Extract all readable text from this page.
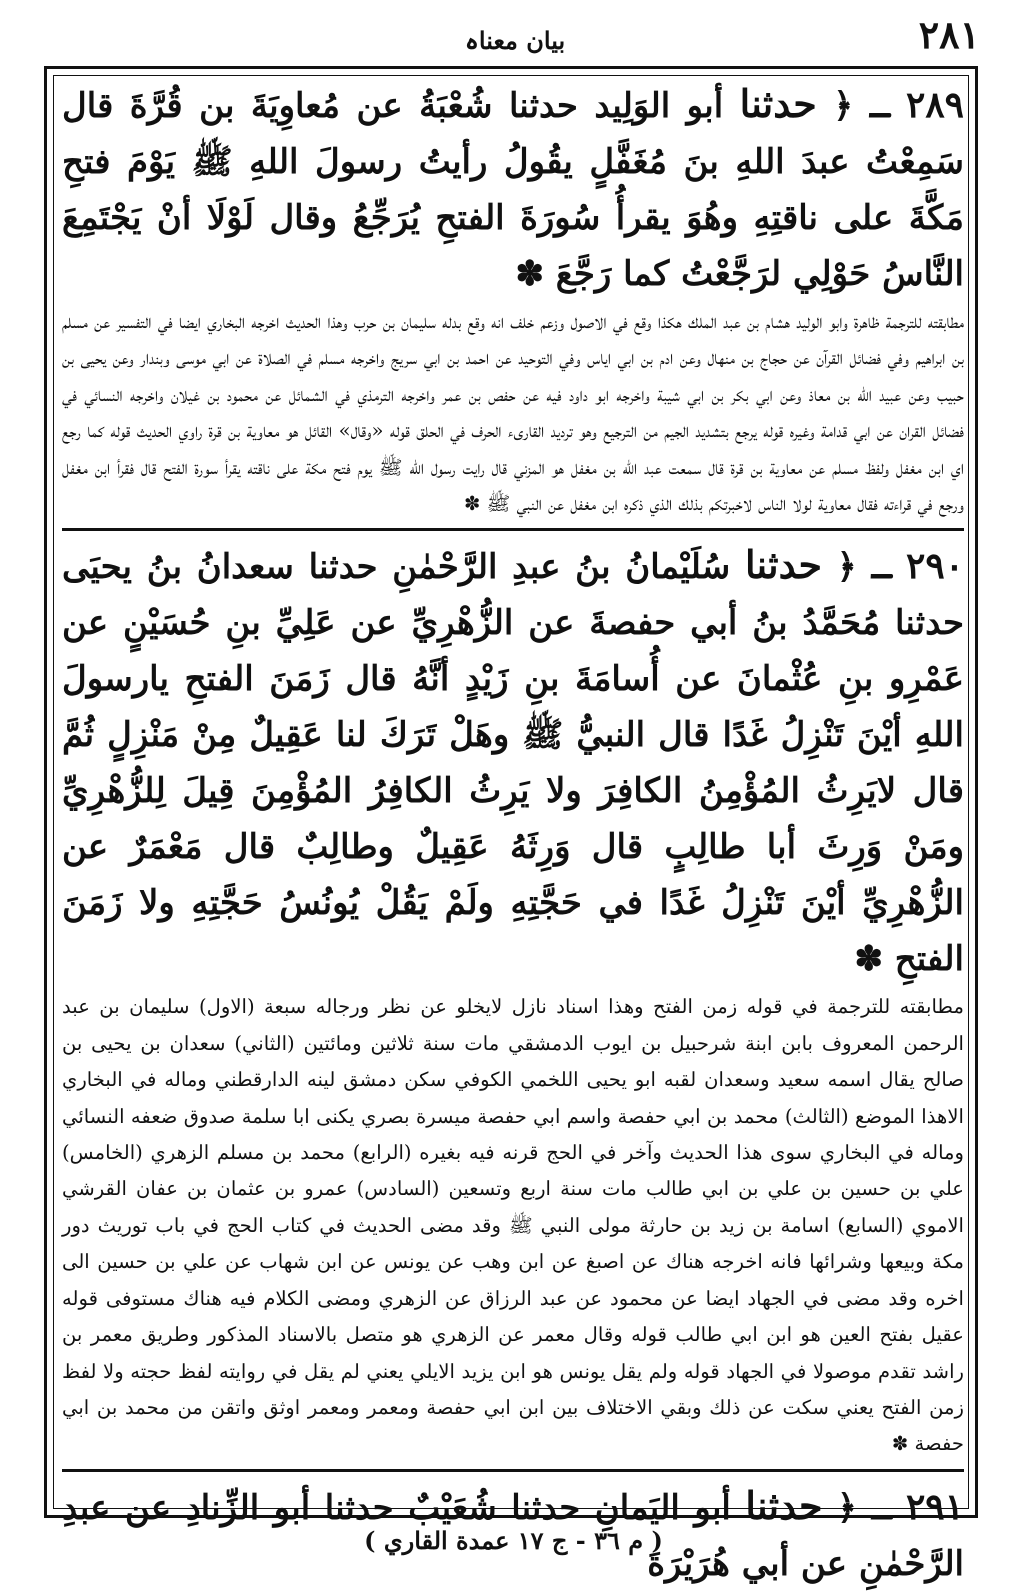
٢٨١
بیان معناہ

٢٨٩ ـ ﴿ حدثنا أبو الوَلِيد حدثنا شُعْبَةُ عن مُعاوِيَةَ بن قُرَّةَ قال سَمِعْتُ عبدَ اللهِ بنَ مُغَفَّلٍ يقُولُ رأيتُ رسولَ اللهِ ﷺ يَوْمَ فتحِ مَكَّةَ على ناقتِهِ وهُوَ يقرأُ سُورَةَ الفتحِ يُرَجِّعُ وقال لَوْلَا أنْ يَجْتَمِعَ النَّاسُ حَوْلِي لرَجَّعْتُ كما رَجَّعَ ✽

مطابقته للترجمة ظاهرة وابو الوليد هشام بن عبد الملك هكذا وقع في الاصول وزعم خلف انه وقع بدله سليمان بن حرب وهذا الحديث اخرجه البخاري ايضا في التفسير عن مسلم بن ابراهيم وفي فضائل القرآن عن حجاج بن منهال وعن ادم بن ابي اياس وفي التوحيد عن احمد بن ابي سريج واخرجه مسلم في الصلاة عن ابي موسى وبندار وعن يحيى بن حبيب وعن عبيد الله بن معاذ وعن ابي بكر بن ابي شيبة واخرجه ابو داود فيه عن حفص بن عمر واخرجه الترمذي في الشمائل عن محمود بن غيلان واخرجه النسائي في فضائل القران عن ابي قدامة وغيره قوله يرجع بتشديد الجيم من الترجيع وهو ترديد القارىء الحرف في الحلق قوله «وقال» القائل هو معاوية بن قرة راوي الحديث قوله كما رجع اي ابن مغفل ولفظ مسلم عن معاوية بن قرة قال سمعت عبد الله بن مغفل هو المزني قال رايت رسول الله ﷺ يوم فتح مكة على ناقته يقرأ سورة الفتح قال فقرأ ابن مغفل ورجع في قراءته فقال معاوية لولا الناس لاخبرتكم بذلك الذي ذكره ابن مغفل عن النبي ﷺ ✽

٢٩٠ ـ ﴿ حدثنا سُلَيْمانُ بنُ عبدِ الرَّحْمٰنِ حدثنا سعدانُ بنُ يحيَى حدثنا مُحَمَّدُ بنُ أبي حفصةَ عن الزُّهْرِيِّ عن عَلِيِّ بنِ حُسَيْنٍ عن عَمْرِو بنِ عُثْمانَ عن أُسامَةَ بنِ زَيْدٍ أنَّهُ قال زَمَنَ الفتحِ يارسولَ اللهِ أيْنَ تَنْزِلُ غَدًا قال النبيُّ ﷺ وهَلْ تَرَكَ لنا عَقِيلٌ مِنْ مَنْزِلٍ ثُمَّ قال لايَرِثُ المُؤْمِنُ الكافِرَ ولا يَرِثُ الكافِرُ المُؤْمِنَ قِيلَ لِلزُّهْرِيِّ ومَنْ وَرِثَ أبا طالِبٍ قال وَرِثَهُ عَقِيلٌ وطالِبٌ قال مَعْمَرٌ عن الزُّهْرِيِّ أيْنَ تَنْزِلُ غَدًا في حَجَّتِهِ ولَمْ يَقُلْ يُونُسُ حَجَّتِهِ ولا زَمَنَ الفتحِ ✽

مطابقته للترجمة في قوله زمن الفتح وهذا اسناد نازل لايخلو عن نظر ورجاله سبعة (الاول) سليمان بن عبد الرحمن المعروف بابن ابنة شرحبيل بن ايوب الدمشقي مات سنة ثلاثين ومائتين (الثاني) سعدان بن يحيى بن صالح يقال اسمه سعيد وسعدان لقبه ابو يحيى اللخمي الكوفي سكن دمشق لينه الدارقطني وماله في البخاري الاهذا الموضع (الثالث) محمد بن ابي حفصة واسم ابي حفصة ميسرة بصري يكنى ابا سلمة صدوق ضعفه النسائي وماله في البخاري سوى هذا الحديث وآخر في الحج قرنه فيه بغيره (الرابع) محمد بن مسلم الزهري (الخامس) علي بن حسين بن علي بن ابي طالب مات سنة اربع وتسعين (السادس) عمرو بن عثمان بن عفان القرشي الاموي (السابع) اسامة بن زيد بن حارثة مولى النبي ﷺ وقد مضى الحديث في كتاب الحج في باب توريث دور مكة وبيعها وشرائها فانه اخرجه هناك عن اصبغ عن ابن وهب عن يونس عن ابن شهاب عن علي بن حسين الى اخره وقد مضى في الجهاد ايضا عن محمود عن عبد الرزاق عن الزهري ومضى الكلام فيه هناك مستوفى قوله عقيل بفتح العين هو ابن ابي طالب قوله وقال معمر عن الزهري هو متصل بالاسناد المذكور وطريق معمر بن راشد تقدم موصولا في الجهاد قوله ولم يقل يونس هو ابن يزيد الايلي يعني لم يقل في روايته لفظ حجته ولا لفظ زمن الفتح يعني سكت عن ذلك وبقي الاختلاف بين ابن ابي حفصة ومعمر ومعمر اوثق واتقن من محمد بن ابي حفصة ✽

٢٩١ ـ ﴿ حدثنا أبو اليَمانِ حدثنا شُعَيْبٌ حدثنا أبو الزِّنادِ عن عبدِ الرَّحْمٰنِ عن أبي هُرَيْرَةَ

( م ٣٦ - ج ١٧ عمدة القاري )
